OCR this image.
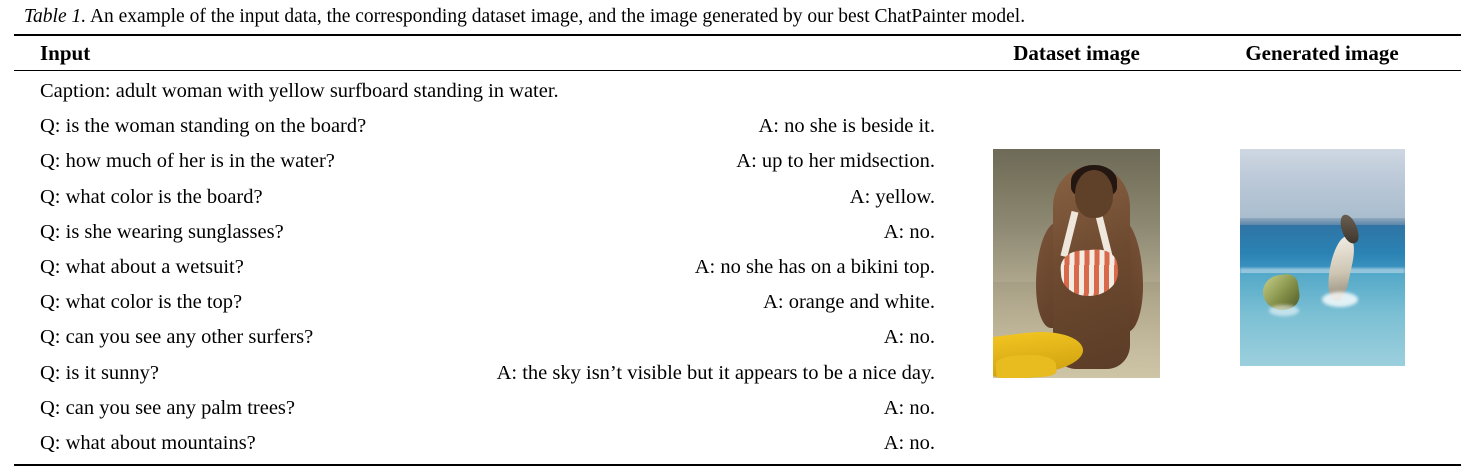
Table 1. An example of the input data, the corresponding dataset image, and the image generated by our best ChatPainter model.
Input	Dataset image	Generated image
Caption: adult woman with yellow surfboard standing in water.
Q: is the woman standing on the board?	A: no she is beside it.
Q: how much of her is in the water?	A: up to her midsection.
Q: what color is the board?	A: yellow.
Q: is she wearing sunglasses?	A: no.
Q: what about a wetsuit?	A: no she has on a bikini top.
Q: what color is the top?	A: orange and white.
Q: can you see any other surfers?	A: no.
Q: is it sunny?	A: the sky isn’t visible but it appears to be a nice day.
Q: can you see any palm trees?	A: no.
Q: what about mountains?	A: no.
